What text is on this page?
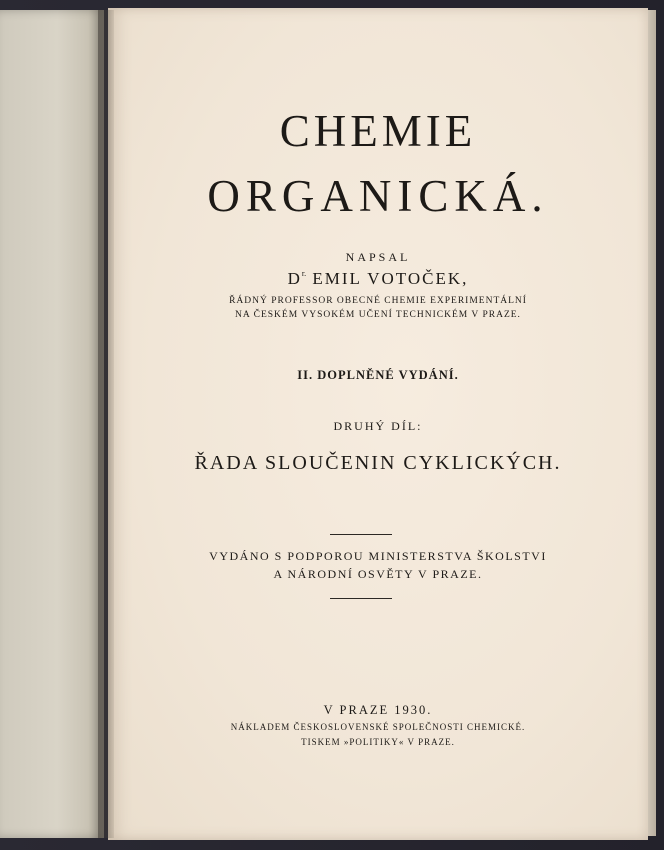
CHEMIE
ORGANICKÁ.
NAPSAL
$D^{r.}$ EMIL VOTOČEK,
ŘÁDNÝ PROFESSOR OBECNÉ CHEMIE EXPERIMENTÁLNÍ
NA ČESKÉM VYSOKÉM UČENÍ TECHNICKÉM V PRAZE.
II. DOPLNĚNÉ VYDÁNÍ.
DRUHÝ DÍL:
ŘADA SLOUČENIN CYKLICKÝCH.
VYDÁNO S PODPOROU MINISTERSTVA ŠKOLSTVI
A NÁRODNÍ OSVĚTY V PRAZE.
V PRAZE 1930.
NÁKLADEM ČESKOSLOVENSKÉ SPOLEČNOSTI CHEMICKÉ.
TISKEM »POLITIKY« V PRAZE.
